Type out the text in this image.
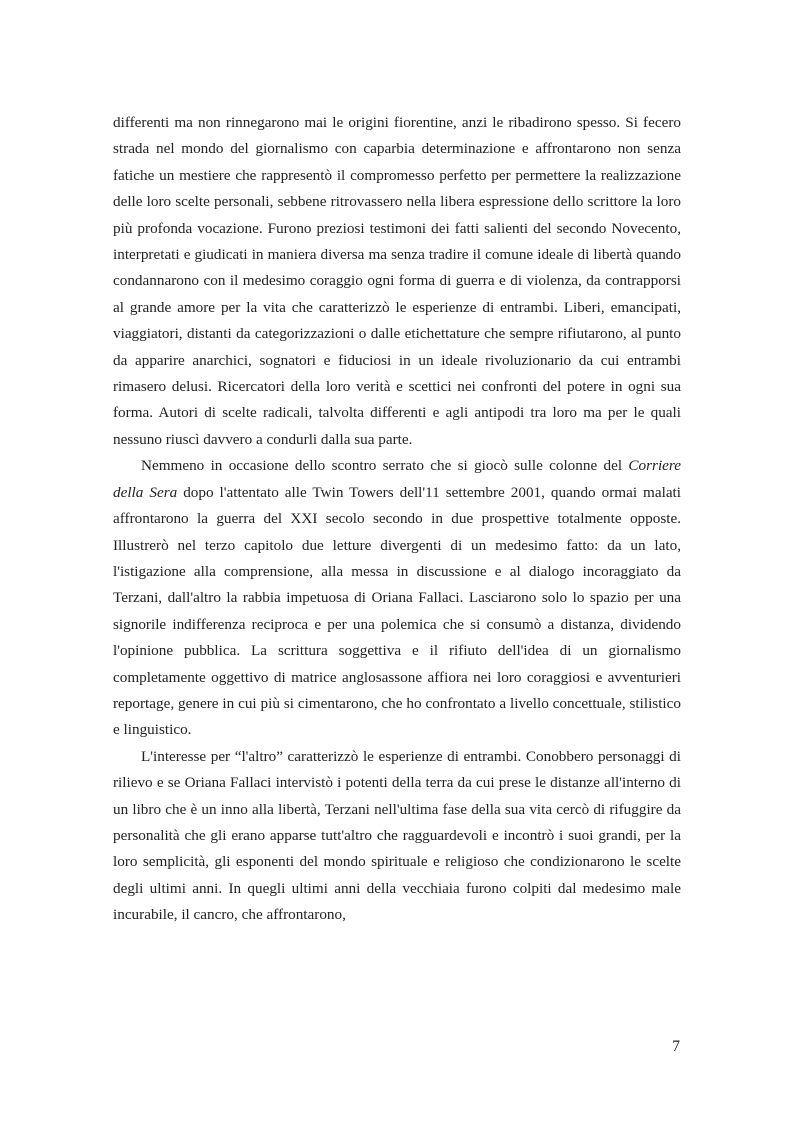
differenti ma non rinnegarono mai le origini fiorentine, anzi le ribadirono spesso. Si fecero strada nel mondo del giornalismo con caparbia determinazione e affrontarono non senza fatiche un mestiere che rappresentò il compromesso perfetto per permettere la realizzazione delle loro scelte personali, sebbene ritrovassero nella libera espressione dello scrittore la loro più profonda vocazione. Furono preziosi testimoni dei fatti salienti del secondo Novecento, interpretati e giudicati in maniera diversa ma senza tradire il comune ideale di libertà quando condannarono con il medesimo coraggio ogni forma di guerra e di violenza, da contrapporsi al grande amore per la vita che caratterizzò le esperienze di entrambi. Liberi, emancipati, viaggiatori, distanti da categorizzazioni o dalle etichettature che sempre rifiutarono, al punto da apparire anarchici, sognatori e fiduciosi in un ideale rivoluzionario da cui entrambi rimasero delusi. Ricercatori della loro verità e scettici nei confronti del potere in ogni sua forma. Autori di scelte radicali, talvolta differenti e agli antipodi tra loro ma per le quali nessuno riuscì davvero a condurli dalla sua parte.

Nemmeno in occasione dello scontro serrato che si giocò sulle colonne del Corriere della Sera dopo l'attentato alle Twin Towers dell'11 settembre 2001, quando ormai malati affrontarono la guerra del XXI secolo secondo in due prospettive totalmente opposte. Illustrerò nel terzo capitolo due letture divergenti di un medesimo fatto: da un lato, l'istigazione alla comprensione, alla messa in discussione e al dialogo incoraggiato da Terzani, dall'altro la rabbia impetuosa di Oriana Fallaci. Lasciarono solo lo spazio per una signorile indifferenza reciproca e per una polemica che si consumò a distanza, dividendo l'opinione pubblica. La scrittura soggettiva e il rifiuto dell'idea di un giornalismo completamente oggettivo di matrice anglosassone affiora nei loro coraggiosi e avventurieri reportage, genere in cui più si cimentarono, che ho confrontato a livello concettuale, stilistico e linguistico.

L'interesse per “l'altro” caratterizzò le esperienze di entrambi. Conobbero personaggi di rilievo e se Oriana Fallaci intervistò i potenti della terra da cui prese le distanze all'interno di un libro che è un inno alla libertà, Terzani nell'ultima fase della sua vita cercò di rifuggire da personalità che gli erano apparse tutt'altro che ragguardevoli e incontrò i suoi grandi, per la loro semplicità, gli esponenti del mondo spirituale e religioso che condizionarono le scelte degli ultimi anni. In quegli ultimi anni della vecchiaia furono colpiti dal medesimo male incurabile, il cancro, che affrontarono,

7
